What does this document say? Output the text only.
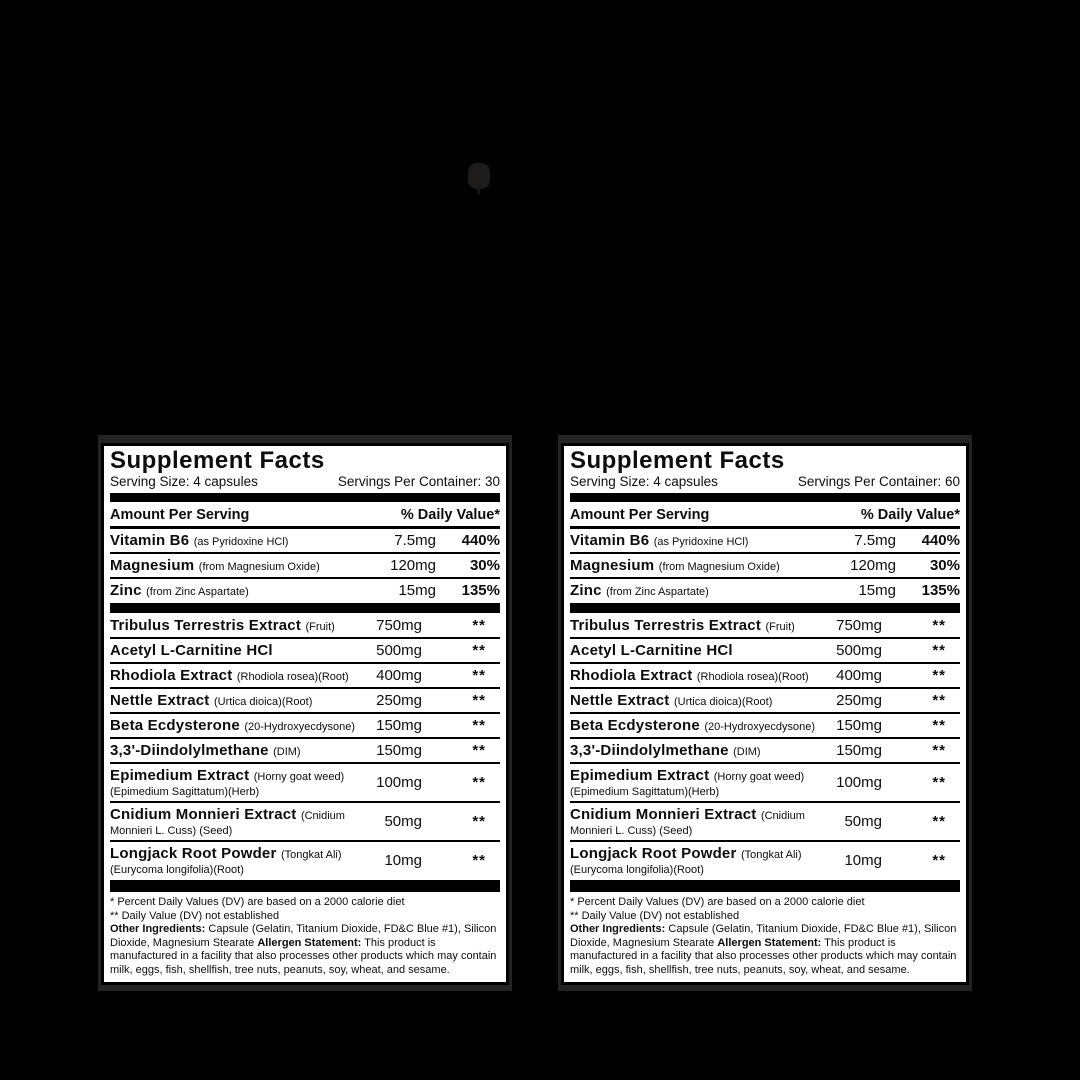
Supplement Facts
Serving Size: 4 capsules	Servings Per Container: 30
Amount Per Serving	% Daily Value*
Vitamin B6 (as Pyridoxine HCl)	7.5mg	440%
Magnesium (from Magnesium Oxide)	120mg	30%
Zinc (from Zinc Aspartate)	15mg	135%
Tribulus Terrestris Extract (Fruit)	750mg	**
Acetyl L-Carnitine HCl	500mg	**
Rhodiola Extract (Rhodiola rosea)(Root)	400mg	**
Nettle Extract (Urtica dioica)(Root)	250mg	**
Beta Ecdysterone (20-Hydroxyecdysone)	150mg	**
3,3'-Diindolylmethane (DIM)	150mg	**
Epimedium Extract (Horny goat weed)
(Epimedium Sagittatum)(Herb)
100mg	**
Cnidium Monnieri Extract (Cnidium
Monnieri L. Cuss) (Seed)
50mg	**
Longjack Root Powder (Tongkat Ali)
(Eurycoma longifolia)(Root)
10mg	**
* Percent Daily Values (DV) are based on a 2000 calorie diet
** Daily Value (DV) not established
Other Ingredients: Capsule (Gelatin, Titanium Dioxide, FD&C Blue #1), Silicon Dioxide, Magnesium Stearate Allergen Statement: This product is manufactured in a facility that also processes other products which may contain milk, eggs, fish, shellfish, tree nuts, peanuts, soy, wheat, and sesame.
Supplement Facts
Serving Size: 4 capsules	Servings Per Container: 60
Amount Per Serving	% Daily Value*
Vitamin B6 (as Pyridoxine HCl)	7.5mg	440%
Magnesium (from Magnesium Oxide)	120mg	30%
Zinc (from Zinc Aspartate)	15mg	135%
Tribulus Terrestris Extract (Fruit)	750mg	**
Acetyl L-Carnitine HCl	500mg	**
Rhodiola Extract (Rhodiola rosea)(Root)	400mg	**
Nettle Extract (Urtica dioica)(Root)	250mg	**
Beta Ecdysterone (20-Hydroxyecdysone)	150mg	**
3,3'-Diindolylmethane (DIM)	150mg	**
Epimedium Extract (Horny goat weed)
(Epimedium Sagittatum)(Herb)
100mg	**
Cnidium Monnieri Extract (Cnidium
Monnieri L. Cuss) (Seed)
50mg	**
Longjack Root Powder (Tongkat Ali)
(Eurycoma longifolia)(Root)
10mg	**
* Percent Daily Values (DV) are based on a 2000 calorie diet
** Daily Value (DV) not established
Other Ingredients: Capsule (Gelatin, Titanium Dioxide, FD&C Blue #1), Silicon Dioxide, Magnesium Stearate Allergen Statement: This product is manufactured in a facility that also processes other products which may contain milk, eggs, fish, shellfish, tree nuts, peanuts, soy, wheat, and sesame.
